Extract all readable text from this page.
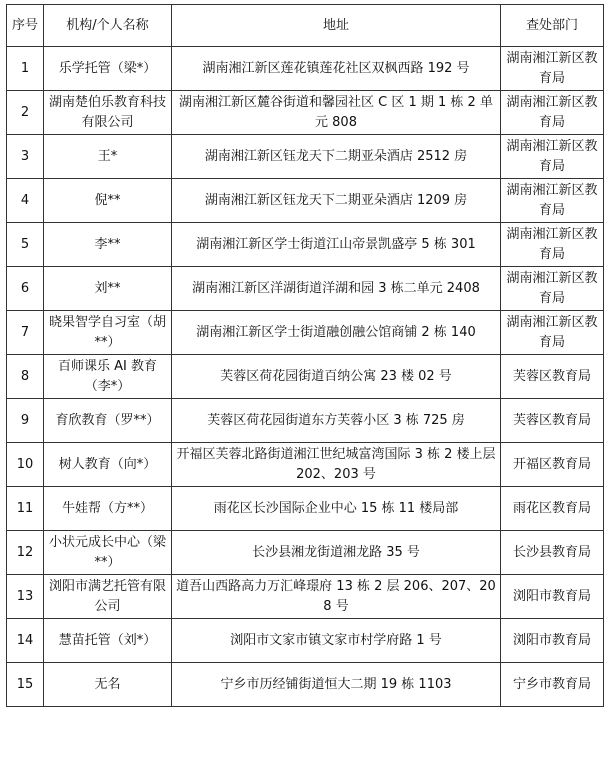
序号	机构/个人名称	地址	查处部门
1	乐学托管（梁*）	湖南湘江新区莲花镇莲花社区双枫西路 192 号	湖南湘江新区教育局
2	湖南楚伯乐教育科技有限公司	湖南湘江新区麓谷街道和馨园社区 C 区 1 期 1 栋 2 单元 808	湖南湘江新区教育局
3	王*	湖南湘江新区钰龙天下二期亚朵酒店 2512 房	湖南湘江新区教育局
4	倪**	湖南湘江新区钰龙天下二期亚朵酒店 1209 房	湖南湘江新区教育局
5	李**	湖南湘江新区学士街道江山帝景凯盛亭 5 栋 301	湖南湘江新区教育局
6	刘**	湖南湘江新区洋湖街道洋湖和园 3 栋二单元 2408	湖南湘江新区教育局
7	晓果智学自习室（胡**）	湖南湘江新区学士街道融创融公馆商铺 2 栋 140	湖南湘江新区教育局
8	百师课乐 AI 教育（李*）	芙蓉区荷花园街道百纳公寓 23 楼 02 号	芙蓉区教育局
9	育欣教育（罗**）	芙蓉区荷花园街道东方芙蓉小区 3 栋 725 房	芙蓉区教育局
10	树人教育（向*）	开福区芙蓉北路街道湘江世纪城富湾国际 3 栋 2 楼上层 202、203 号	开福区教育局
11	牛娃帮（方**）	雨花区长沙国际企业中心 15 栋 11 楼局部	雨花区教育局
12	小状元成长中心（梁**）	长沙县湘龙街道湘龙路 35 号	长沙县教育局
13	浏阳市满艺托管有限公司	道吾山西路高力万汇峰璟府 13 栋 2 层 206、207、208 号	浏阳市教育局
14	慧苗托管（刘*）	浏阳市文家市镇文家市村学府路 1 号	浏阳市教育局
15	无名	宁乡市历经铺街道恒大二期 19 栋 1103	宁乡市教育局
